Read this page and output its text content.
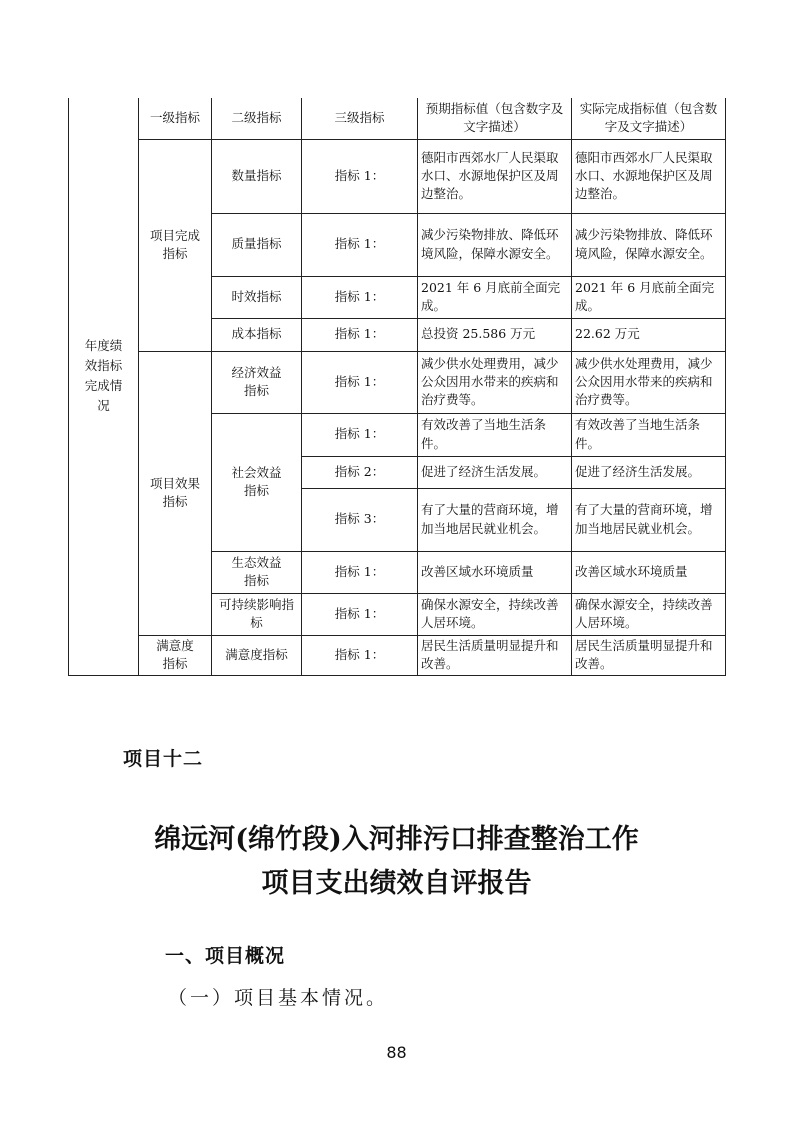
年度绩效指标完成情况	一级指标	二级指标	三级指标	预期指标值（包含数字及文字描述）	实际完成指标值（包含数字及文字描述）

	项目完成指标	数量指标	指标 1：	德阳市西郊水厂人民渠取水口、水源地保护区及周边整治。	德阳市西郊水厂人民渠取水口、水源地保护区及周边整治。
		质量指标	指标 1：	减少污染物排放、降低环境风险，保障水源安全。	减少污染物排放、降低环境风险，保障水源安全。
		时效指标	指标 1：	2021 年 6 月底前全面完成。	2021 年 6 月底前全面完成。
		成本指标	指标 1：	总投资 25.586 万元	22.62 万元

	项目效果指标	经济效益指标	指标 1：	减少供水处理费用，减少公众因用水带来的疾病和治疗费等。	减少供水处理费用，减少公众因用水带来的疾病和治疗费等。

		社会效益指标	指标 1：	有效改善了当地生活条件。	有效改善了当地生活条件。
			指标 2：	促进了经济生活发展。	促进了经济生活发展。
			指标 3：	有了大量的营商环境，增加当地居民就业机会。	有了大量的营商环境，增加当地居民就业机会。

		生态效益指标	指标 1：	改善区域水环境质量	改善区域水环境质量

		可持续影响指标	指标 1：	确保水源安全，持续改善人居环境。	确保水源安全，持续改善人居环境。

	满意度指标	满意度指标	指标 1：	居民生活质量明显提升和改善。	居民生活质量明显提升和改善。
项目十二
绵远河(绵竹段)入河排污口排查整治工作
项目支出绩效自评报告
一、项目概况
（一）项目基本情况。
88
